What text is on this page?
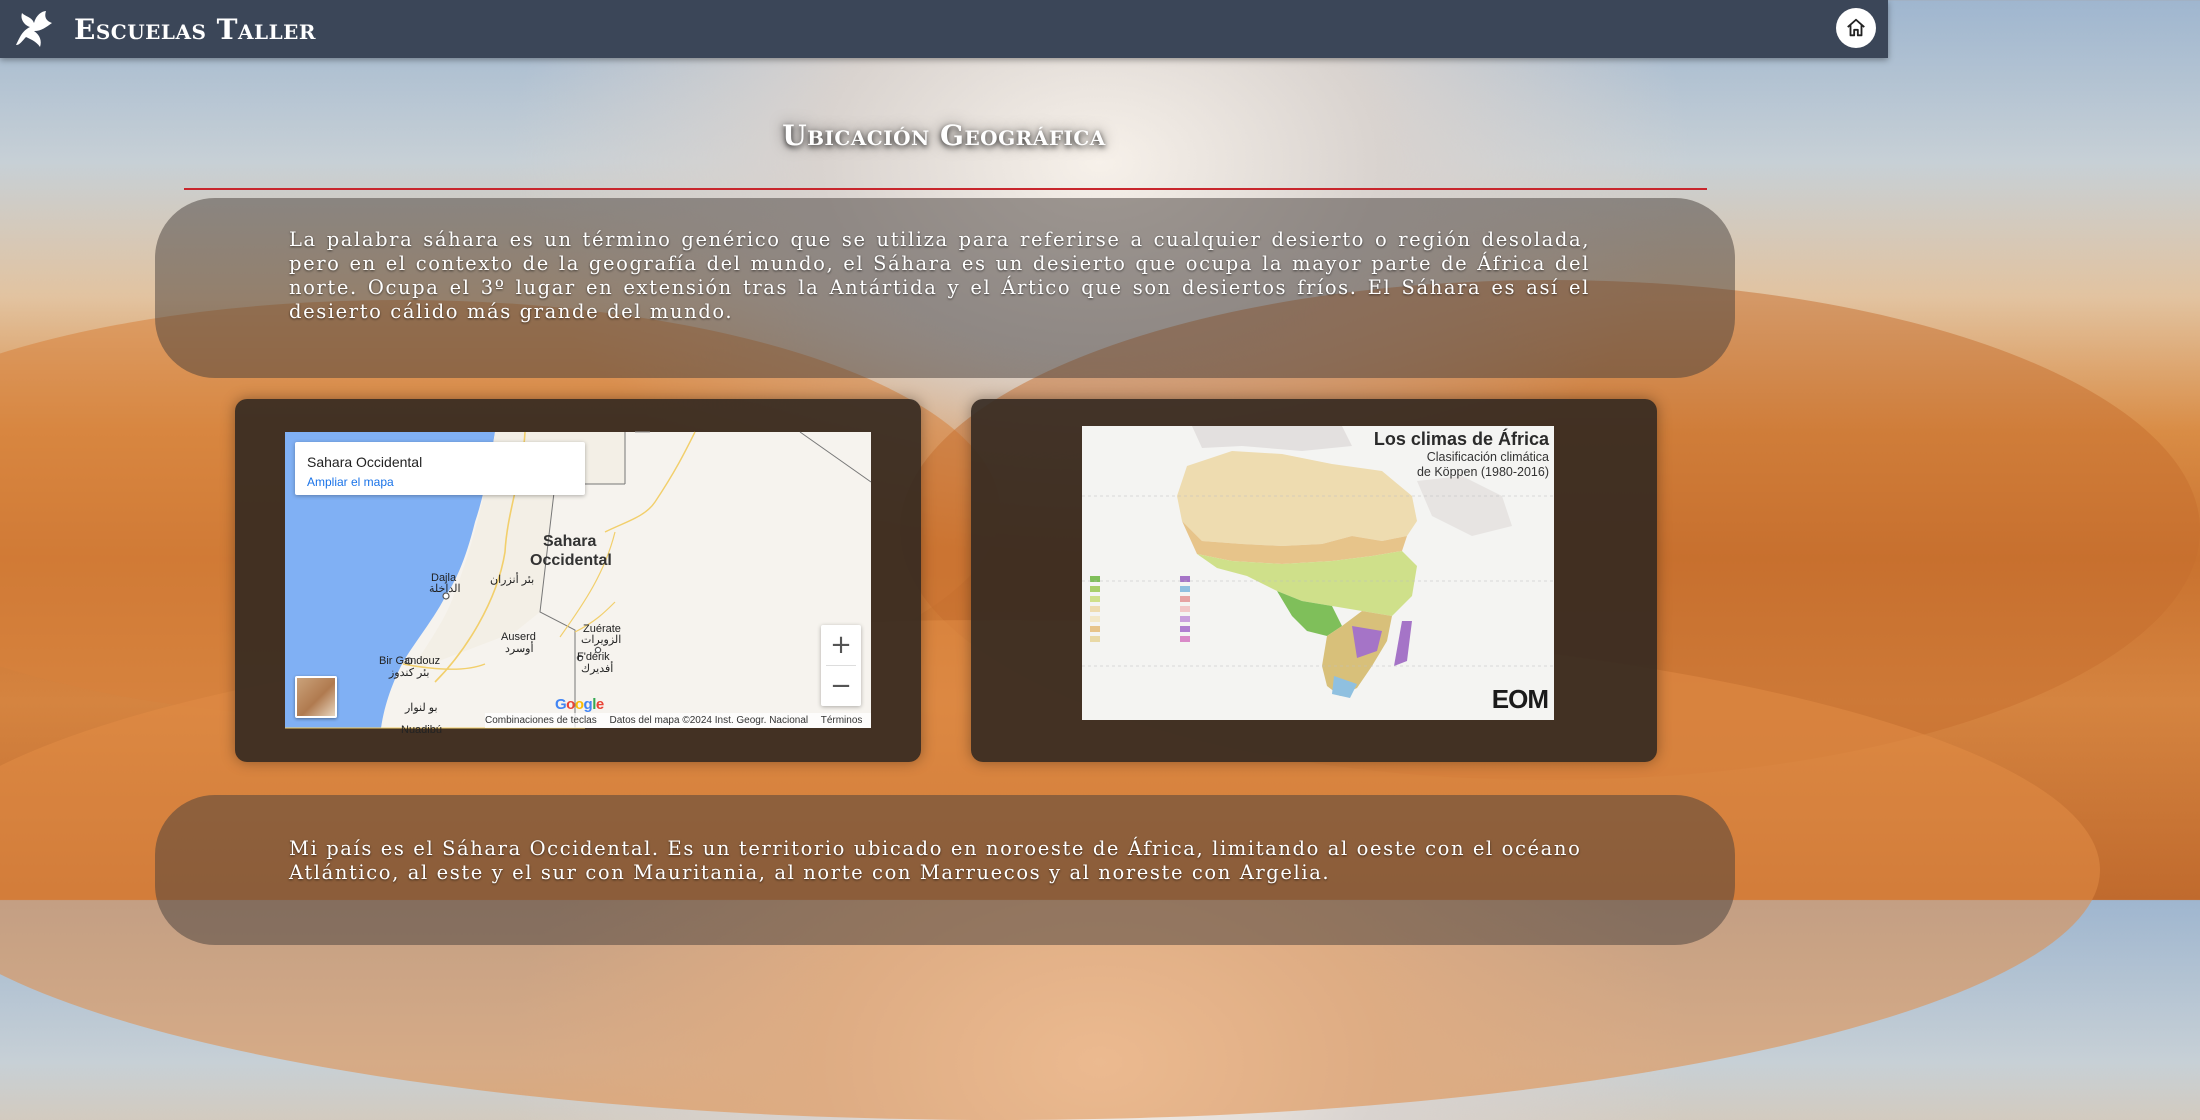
Escuelas Taller
Ubicación Geográfica

La palabra sáhara es un término genérico que se utiliza para referirse a cualquier desierto o región desolada, pero en el contexto de la geografía del mundo, el Sáhara es un desierto que ocupa la mayor parte de África del norte. Ocupa el 3º lugar en extensión tras la Antártida y el Ártico que son desiertos fríos. El Sáhara es así el desierto cálido más grande del mundo.

Sahara
Occidental
Dajla
الداخلة
بئر أنزران
Auserd
أوسرد
Zuérate
الزويرات
F'dérik
أفديرك
Bir Gandouz
بئر كندوز
بو لنوار
Nuadibú
Sahara Occidental
Ampliar el mapa
+
−
Google
Combinaciones de teclas Datos del mapa ©2024 Inst. Geogr. Nacional Términos
Los climas de África
Clasificación climática
de Köppen (1980-2016)
EOM

Mi país es el Sáhara Occidental. Es un territorio ubicado en noroeste de África, limitando al oeste con el océano

Atlántico, al este y el sur con Mauritania, al norte con Marruecos y al noreste con Argelia.
